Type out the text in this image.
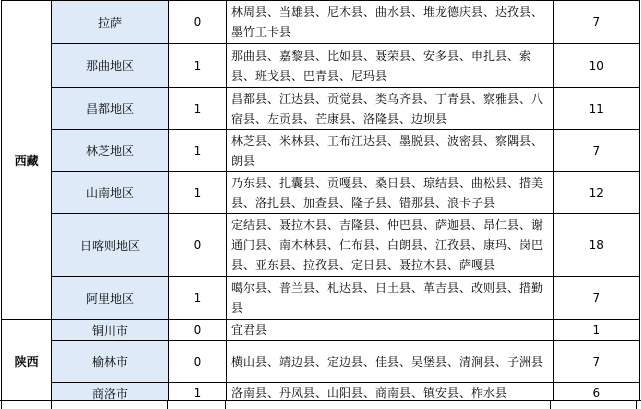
西藏	拉萨	0	林周县、当雄县、尼木县、曲水县、堆龙德庆县、达孜县、墨竹工卡县	7
	那曲地区	1	那曲县、嘉黎县、比如县、聂荣县、安多县、申扎县、索县、班戈县、巴青县、尼玛县	10
	昌都地区	1	昌都县、江达县、贡觉县、类乌齐县、丁青县、察雅县、八宿县、左贡县、芒康县、洛隆县、边坝县	11
	林芝地区	1	林芝县、米林县、工布江达县、墨脱县、波密县、察隅县、朗县	7
	山南地区	1	乃东县、扎囊县、贡嘎县、桑日县、琼结县、曲松县、措美县、洛扎县、加查县、隆子县、错那县、浪卡子县	12
	日喀则地区	0	定结县、聂拉木县、吉隆县、仲巴县、萨迦县、昂仁县、谢通门县、南木林县、仁布县、白朗县、江孜县、康玛、岗巴县、亚东县、拉孜县、定日县、聂拉木县、萨嘎县	18
	阿里地区	1	噶尔县、普兰县、札达县、日土县、革吉县、改则县、措勤县	7
陕西	铜川市	0	宜君县	1
	榆林市	0	横山县、靖边县、定边县、佳县、吴堡县、清涧县、子洲县	7
	商洛市	1	洛南县、丹凤县、山阳县、商南县、镇安县、柞水县	6
